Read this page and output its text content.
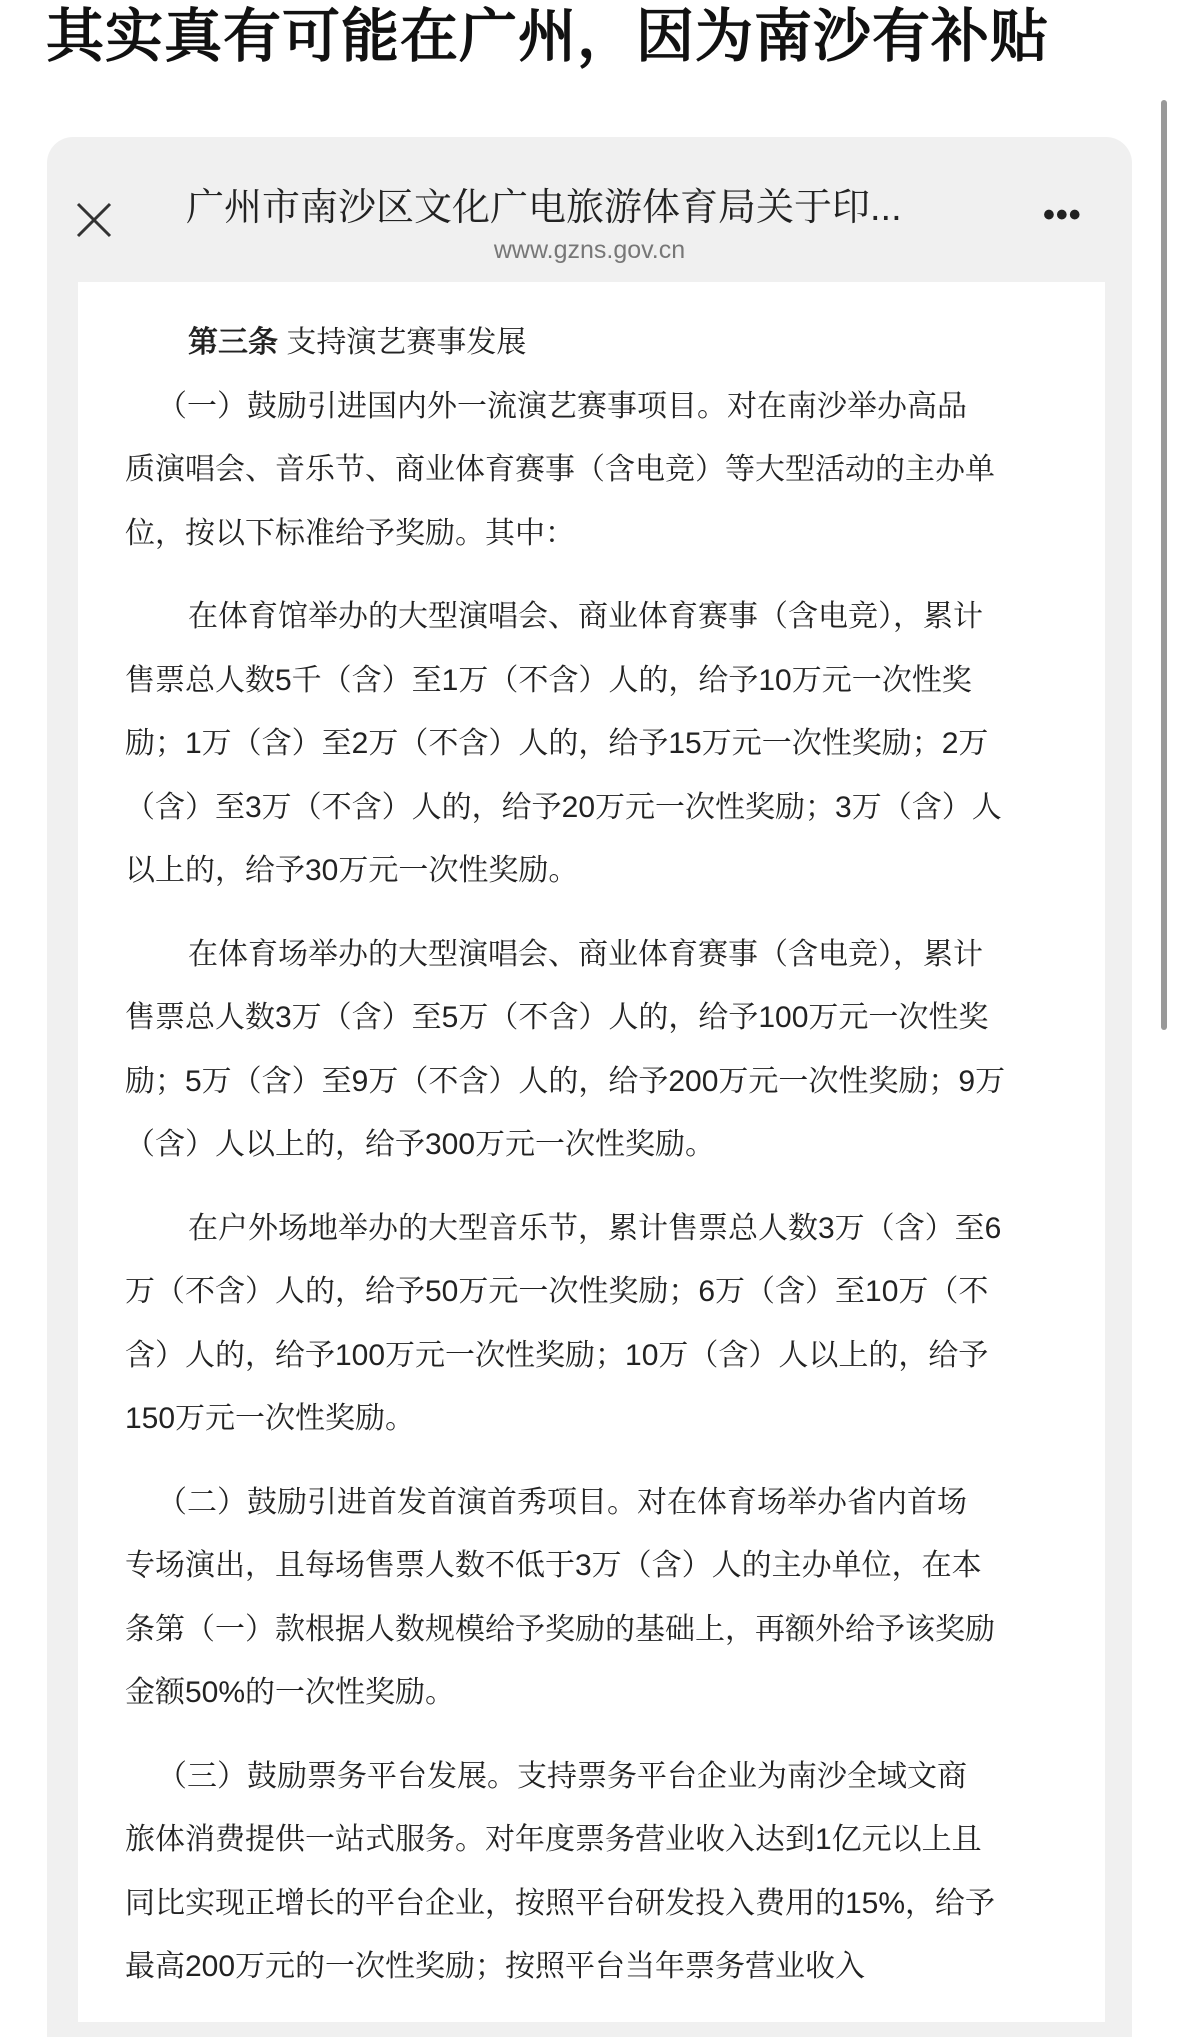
其实真有可能在广州，因为南沙有补贴
广州市南沙区文化广电旅游体育局关于印...
www.gzns.gov.cn
•••
第三条 支持演艺赛事发展
（一）鼓励引进国内外一流演艺赛事项目。对在南沙举办高品
质演唱会、音乐节、商业体育赛事（含电竞）等大型活动的主办单
位，按以下标准给予奖励。其中：
在体育馆举办的大型演唱会、商业体育赛事（含电竞），累计
售票总人数5千（含）至1万（不含）人的，给予10万元一次性奖
励；1万（含）至2万（不含）人的，给予15万元一次性奖励；2万
（含）至3万（不含）人的，给予20万元一次性奖励；3万（含）人
以上的，给予30万元一次性奖励。
在体育场举办的大型演唱会、商业体育赛事（含电竞），累计
售票总人数3万（含）至5万（不含）人的，给予100万元一次性奖
励；5万（含）至9万（不含）人的，给予200万元一次性奖励；9万
（含）人以上的，给予300万元一次性奖励。
在户外场地举办的大型音乐节，累计售票总人数3万（含）至6
万（不含）人的，给予50万元一次性奖励；6万（含）至10万（不
含）人的，给予100万元一次性奖励；10万（含）人以上的，给予
150万元一次性奖励。
（二）鼓励引进首发首演首秀项目。对在体育场举办省内首场
专场演出，且每场售票人数不低于3万（含）人的主办单位，在本
条第（一）款根据人数规模给予奖励的基础上，再额外给予该奖励
金额50%的一次性奖励。
（三）鼓励票务平台发展。支持票务平台企业为南沙全域文商
旅体消费提供一站式服务。对年度票务营业收入达到1亿元以上且
同比实现正增长的平台企业，按照平台研发投入费用的15%，给予
最高200万元的一次性奖励；按照平台当年票务营业收入
